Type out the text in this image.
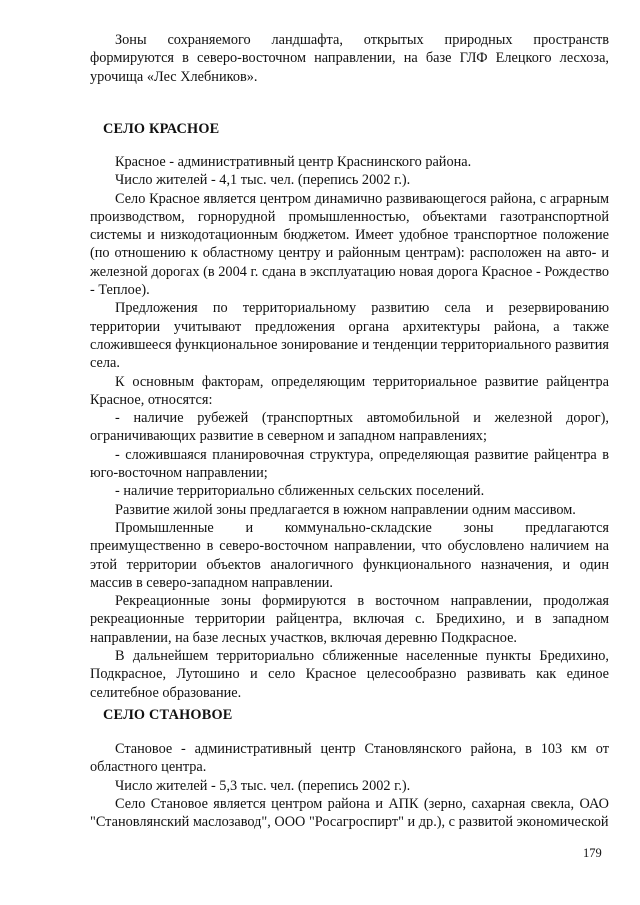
Зоны сохраняемого ландшафта, открытых природных пространств формируются в северо-восточном направлении, на базе ГЛФ Елецкого лесхоза, урочища «Лес Хлебников».

СЕЛО КРАСНОЕ

Красное - административный центр Краснинского района.

Число жителей - 4,1 тыс. чел. (перепись 2002 г.).

Село Красное является центром динамично развивающегося района, с аграрным производством, горнорудной промышленностью, объектами газотранспортной системы и низкодотационным бюджетом. Имеет удобное транспортное положение (по отношению к областному центру и районным центрам): расположен на авто- и железной дорогах (в 2004 г. сдана в эксплуатацию новая дорога Красное - Рождество - Теплое).

Предложения по территориальному развитию села и резервированию территории учитывают предложения органа архитектуры района, а также сложившееся функциональное зонирование и тенденции территориального развития села.

К основным факторам, определяющим территориальное развитие райцентра Красное, относятся:

- наличие рубежей (транспортных автомобильной и железной дорог), ограничивающих развитие в северном и западном направлениях;

- сложившаяся планировочная структура, определяющая развитие райцентра в юго-восточном направлении;

- наличие территориально сближенных сельских поселений.

Развитие жилой зоны предлагается в южном направлении одним массивом.

Промышленные и коммунально-складские зоны предлагаются преимущественно в северо-восточном направлении, что обусловлено наличием на этой территории объектов аналогичного функционального назначения, и один массив в северо-западном направлении.

Рекреационные зоны формируются в восточном направлении, продолжая рекреационные территории райцентра, включая с. Бредихино, и в западном направлении, на базе лесных участков, включая деревню Подкрасное.

В дальнейшем территориально сближенные населенные пункты Бредихино, Подкрасное, Лутошино и село Красное целесообразно развивать как единое селитебное образование.

СЕЛО СТАНОВОЕ

Становое - административный центр Становлянского района, в 103 км от областного центра.

Число жителей - 5,3 тыс. чел. (перепись 2002 г.).

Село Становое является центром района и АПК (зерно, сахарная свекла, ОАО "Становлянский маслозавод", ООО "Росагроспирт" и др.), с развитой экономической

179
